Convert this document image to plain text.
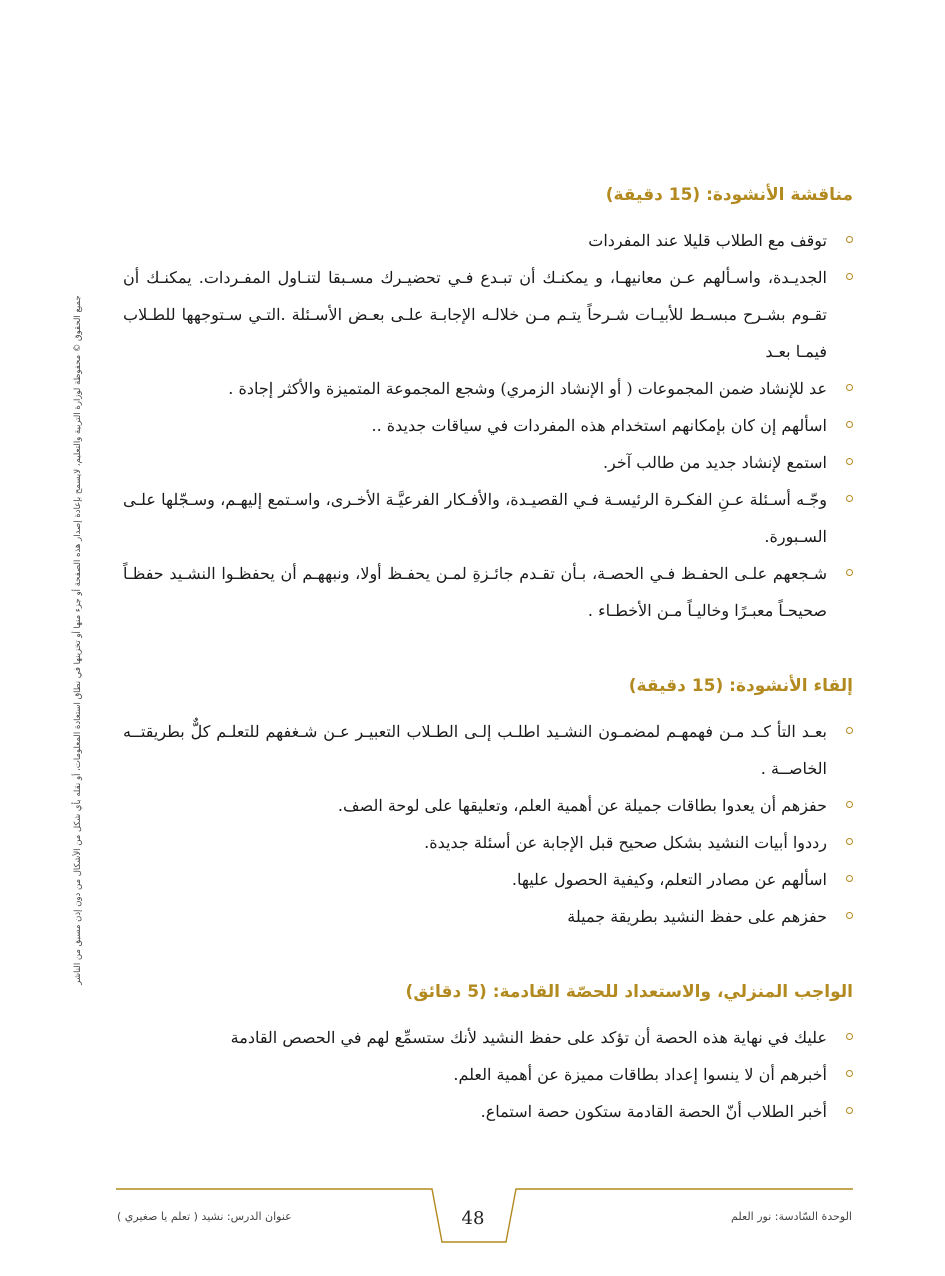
جميع الحقوق © محفوظة لوزارة التربية والتعليم، لايسمح بإعادة إصدار هذه الصفحة أو جزء منها أو تخزينها في نطاق استعادة المعلومات، أو نقله بأي شكل من الأشكال من دون إذن مسبق من الناشر
مناقشة الأنشودة: (15 دقيقة)
توقف مع الطلاب قليلا عند المفردات
الجديـدة، واسـألهم عـن معانيهـا، و يمكنـك أن تبـدع فـي تحضيـرك مسـبقا لتنـاول المفـردات. يمكنـك أن تقـوم بشـرح مبسـط للأبيـات شـرحاً يتـم مـن خلالـه الإجابـة علـى بعـض الأسـئلة .التـي سـتوجهها للطـلاب فيمـا بعـد
عد للإنشاد ضمن المجموعات ( أو الإنشاد الزمري) وشجع المجموعة المتميزة والأكثر إجادة .
اسألهم إن كان بإمكانهم استخدام هذه المفردات في سياقات جديدة ..
استمع لإنشاد جديد من طالب آخر.
وجّـه أسـئلة عـنِ الفكـرة الرئيسـة فـي القصيـدة، والأفـكار الفرعيَّـة الأخـرى، واسـتمع إليهـم، وسـجّلها علـى السـبورة.
شـجعهم علـى الحفـظ فـي الحصـة، بـأن تقـدم جائـزةِ لمـن يحفـظ أولا، ونبههـم أن يحفظـوا النشـيد حفظـاً صحيحـاً معبـرًا وخاليـاً مـن الأخطـاء .
إلقاء الأنشودة: (15 دقيقة)
بعـد التأ كـد مـن فهمهـم لمضمـون النشـيد اطلـب إلـى الطـلاب التعبيـر عـن شـغفهم للتعلـم كلٌّ بطريقتــه الخاصــة .
حفزهم أن يعدوا بطاقات جميلة عن أهمية العلم، وتعليقها على لوحة الصف.
رددوا أبيات النشيد بشكل صحيح قبل الإجابة عن أسئلة جديدة.
اسألهم عن مصادر التعلم، وكيفية الحصول عليها.
حفزهم على حفظ النشيد بطريقة جميلة
الواجب المنزلي، والاستعداد للحصّة القادمة: (5 دقائق)
عليك في نهاية هذه الحصة أن تؤكد على حفظ النشيد لأنك ستسمِّع لهم في الحصص القادمة
أخبرهم أن لا ينسوا إعداد بطاقات مميزة عن أهمية العلم.
أخبر الطلاب أنّ الحصة القادمة ستكون حصة استماع.
الوحدة السّادسة: نور العلم
48
عنوان الدرس: نشيد ( تعلم يا صغيري )
